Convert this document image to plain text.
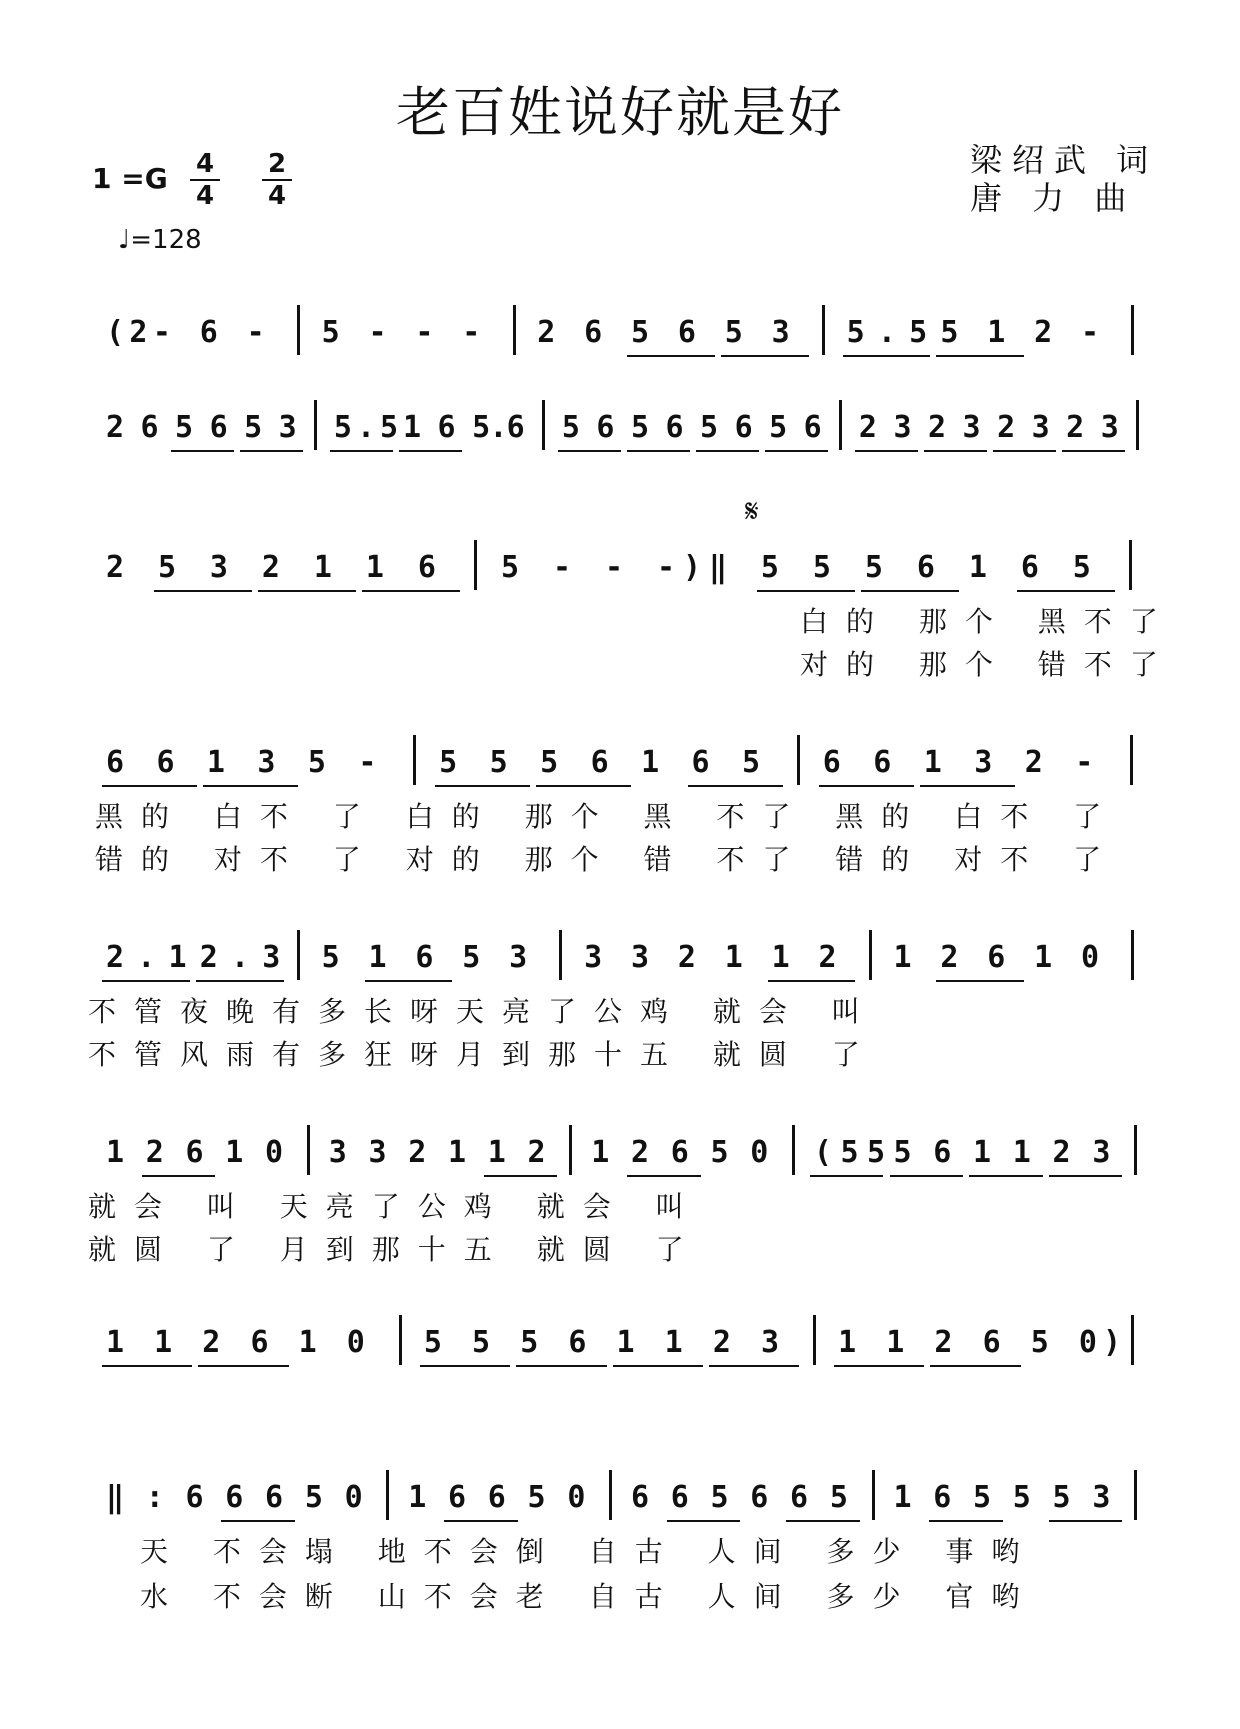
老百姓说好就是好
梁绍武 词
唐 力 曲
1 =G 4
4
2
4
♩=128
𝄋
( 2 - 6 - 5 - - - 2 6 5 6 5 3 5 . 5 5 1 2 -
2 6 5 6 5 3 5 . 5 1 6 5 . 6 5 6 5 6 5 6 5 6 2 3 2 3 2 3 2 3
2 5 3 2 1 1 6 5 - - - ) ‖ 5 5 5 6 1 6 5
白的 那个 黑不了
对的 那个 错不了
6 6 1 3 5 - 5 5 5 6 1 6 5 6 6 1 3 2 -
黑的 白不 了 白的 那个 黑 不了 黑的 白不 了
错的 对不 了 对的 那个 错 不了 错的 对不 了
2 . 1 2 . 3 5 1 6 5 3 3 3 2 1 1 2 1 2 6 1 0
不管夜晚有多长呀天亮了公鸡 就会 叫
不管风雨有多狂呀月到那十五 就圆 了
1 2 6 1 0 3 3 2 1 1 2 1 2 6 5 0 ( 5 5 5 6 1 1 2 3
就会 叫 天亮了公鸡 就会 叫
就圆 了 月到那十五 就圆 了
1 1 2 6 1 0 5 5 5 6 1 1 2 3 1 1 2 6 5 0 )
‖ : 6 6 6 5 0 1 6 6 5 0 6 6 5 6 6 5 1 6 5 5 5 3
天 不会塌 地不会倒 自古 人间 多少 事哟
水 不会断 山不会老 自古 人间 多少 官哟
